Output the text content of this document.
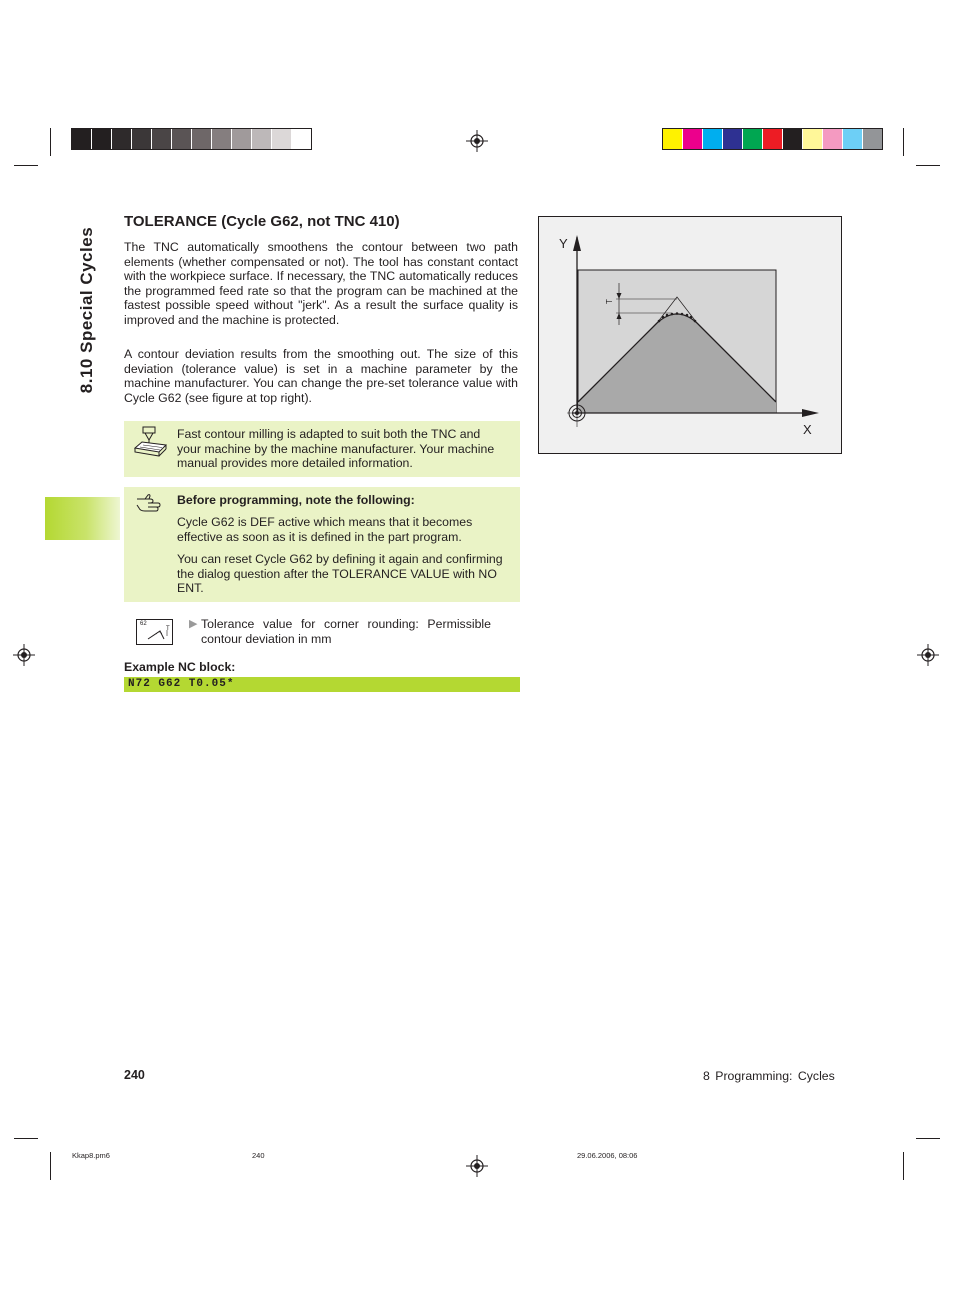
8.10 Special Cycles
TOLERANCE (Cycle G62, not TNC 410)

The TNC automatically smoothens the contour between two path elements (whether compensated or not). The tool has constant contact with the workpiece surface. If necessary, the TNC automatically reduces the programmed feed rate so that the program can be machined at the fastest possible speed without "jerk". As a result the surface quality is improved and the machine is protected.

A contour deviation results from the smoothing out. The size of this deviation (tolerance value) is set in a machine parameter by the machine manufacturer. You can change the pre-set tolerance value with Cycle G62 (see figure at top right).

Fast contour milling is adapted to suit both the TNC and your machine by the machine manufacturer. Your machine manual provides more detailed information.

Before programming, note the following:

Cycle G62 is DEF active which means that it becomes effective as soon as it is defined in the part program.

You can reset Cycle G62 by defining it again and confirming the dialog question after the TOLERANCE VALUE with NO ENT.

62
T ▶ Tolerance value for corner rounding: Permissible contour deviation in mm

Example NC block:

N72 G62 T0.05*
T
Y
X
240	8 Programming: Cycles
Kkap8.pm6	240	29.06.2006, 08:06
